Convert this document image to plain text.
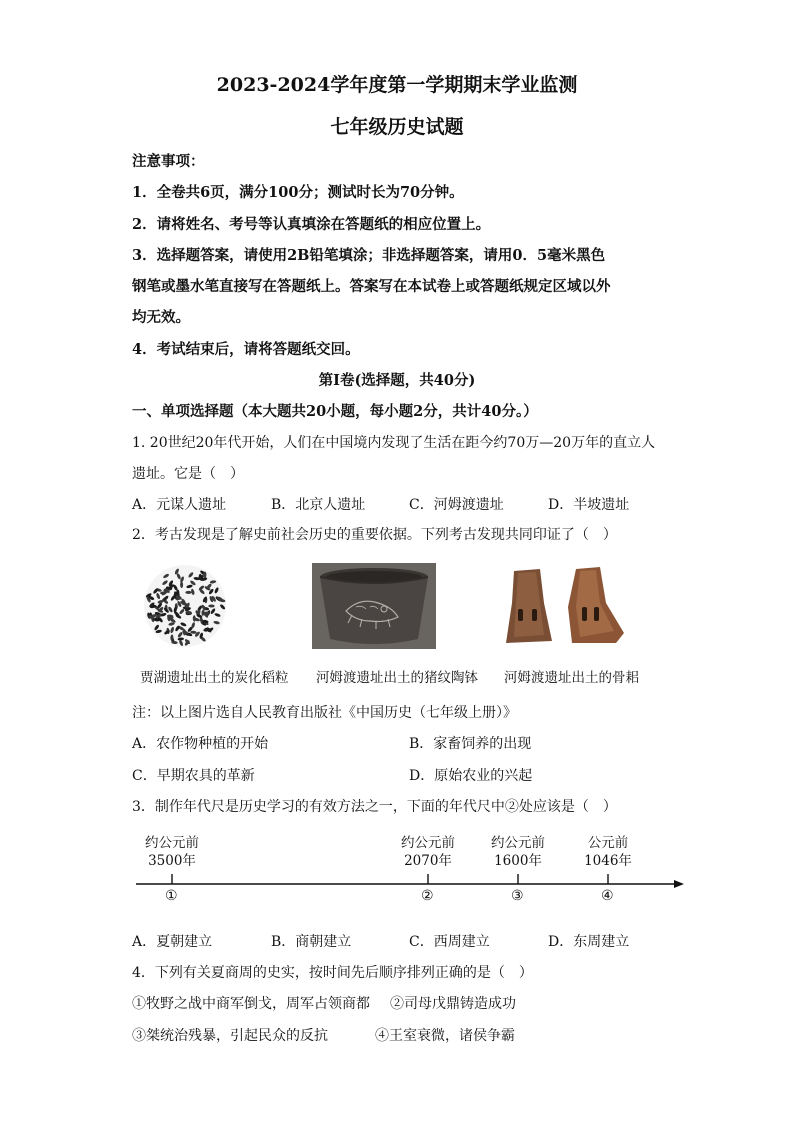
2023-2024学年度第一学期期末学业监测
七年级历史试题
注意事项：
1．全卷共6页，满分100分；测试时长为70分钟。
2．请将姓名、考号等认真填涂在答题纸的相应位置上。
3．选择题答案，请使用2B铅笔填涂；非选择题答案，请用0．5毫米黑色
钢笔或墨水笔直接写在答题纸上。答案写在本试卷上或答题纸规定区域以外
均无效。
4．考试结束后，请将答题纸交回。
第Ⅰ卷(选择题，共40分)
一、单项选择题（本大题共20小题，每小题2分，共计40分。）
1. 20世纪20年代开始，人们在中国境内发现了生活在距今约70万—20万年的直立人
遗址。它是（　）
A．元谋人遗址	B．北京人遗址	C．河姆渡遗址	D．半坡遗址
2．考古发现是了解史前社会历史的重要依据。下列考古发现共同印证了（　）
贾湖遗址出土的炭化稻粒 河姆渡遗址出土的猪纹陶钵 河姆渡遗址出土的骨耜
注：以上图片选自人民教育出版社《中国历史（七年级上册）》
A．农作物种植的开始	B．家畜饲养的出现
C．早期农具的革新	D．原始农业的兴起
3．制作年代尺是历史学习的有效方法之一，下面的年代尺中②处应该是（　）
约公元前
3500年
约公元前
2070年
约公元前
1600年
公元前
1046年
①	②	③	④
A．夏朝建立	B．商朝建立	C．西周建立	D．东周建立
4．下列有关夏商周的史实，按时间先后顺序排列正确的是（　）
①牧野之战中商军倒戈，周军占领商都 ②司母戊鼎铸造成功
③桀统治残暴，引起民众的反抗	④王室衰微，诸侯争霸
